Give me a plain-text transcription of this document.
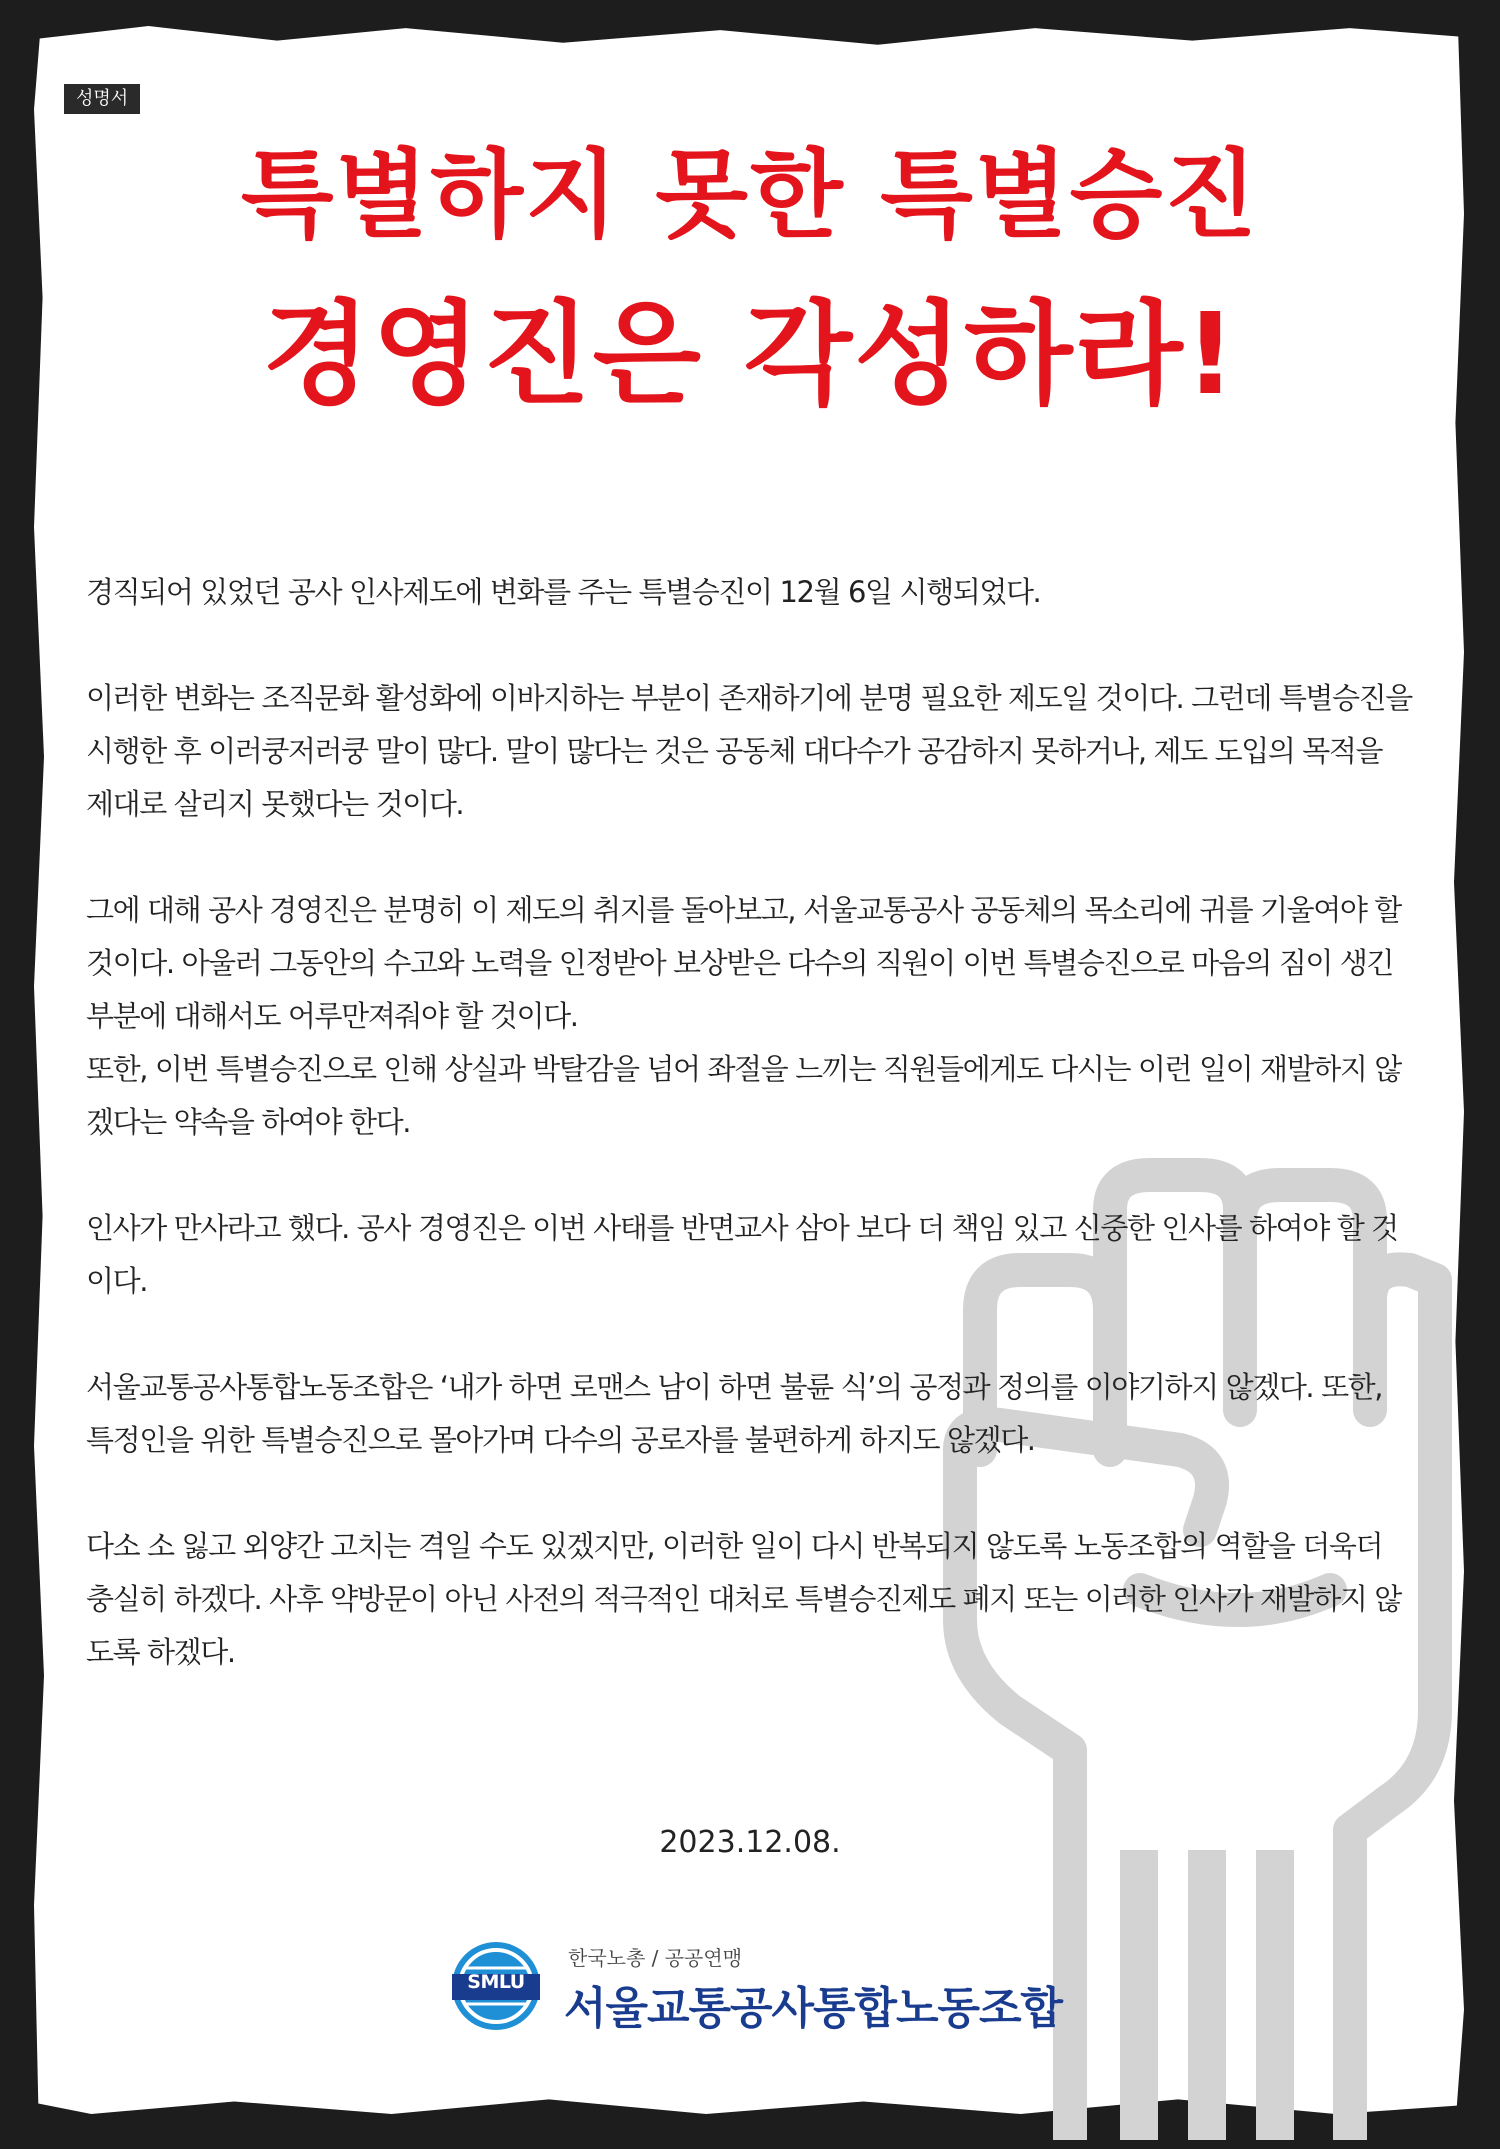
성명서
특별하지 못한 특별승진
경영진은 각성하라!

경직되어 있었던 공사 인사제도에 변화를 주는 특별승진이 12월 6일 시행되었다.

이러한 변화는 조직문화 활성화에 이바지하는 부분이 존재하기에 분명 필요한 제도일 것이다. 그런데 특별승진을 시행한 후 이러쿵저러쿵 말이 많다. 말이 많다는 것은 공동체 대다수가 공감하지 못하거나, 제도 도입의 목적을 제대로 살리지 못했다는 것이다.

그에 대해 공사 경영진은 분명히 이 제도의 취지를 돌아보고, 서울교통공사 공동체의 목소리에 귀를 기울여야 할 것이다. 아울러 그동안의 수고와 노력을 인정받아 보상받은 다수의 직원이 이번 특별승진으로 마음의 짐이 생긴 부분에 대해서도 어루만져줘야 할 것이다.

또한, 이번 특별승진으로 인해 상실과 박탈감을 넘어 좌절을 느끼는 직원들에게도 다시는 이런 일이 재발하지 않겠다는 약속을 하여야 한다.

인사가 만사라고 했다. 공사 경영진은 이번 사태를 반면교사 삼아 보다 더 책임 있고 신중한 인사를 하여야 할 것이다.

서울교통공사통합노동조합은 ‘내가 하면 로맨스 남이 하면 불륜 식’의 공정과 정의를 이야기하지 않겠다. 또한, 특정인을 위한 특별승진으로 몰아가며 다수의 공로자를 불편하게 하지도 않겠다.

다소 소 잃고 외양간 고치는 격일 수도 있겠지만, 이러한 일이 다시 반복되지 않도록 노동조합의 역할을 더욱더 충실히 하겠다. 사후 약방문이 아닌 사전의 적극적인 대처로 특별승진제도 폐지 또는 이러한 인사가 재발하지 않도록 하겠다.

2023.12.08.
SMLU
한국노총 / 공공연맹
서울교통공사통합노동조합
